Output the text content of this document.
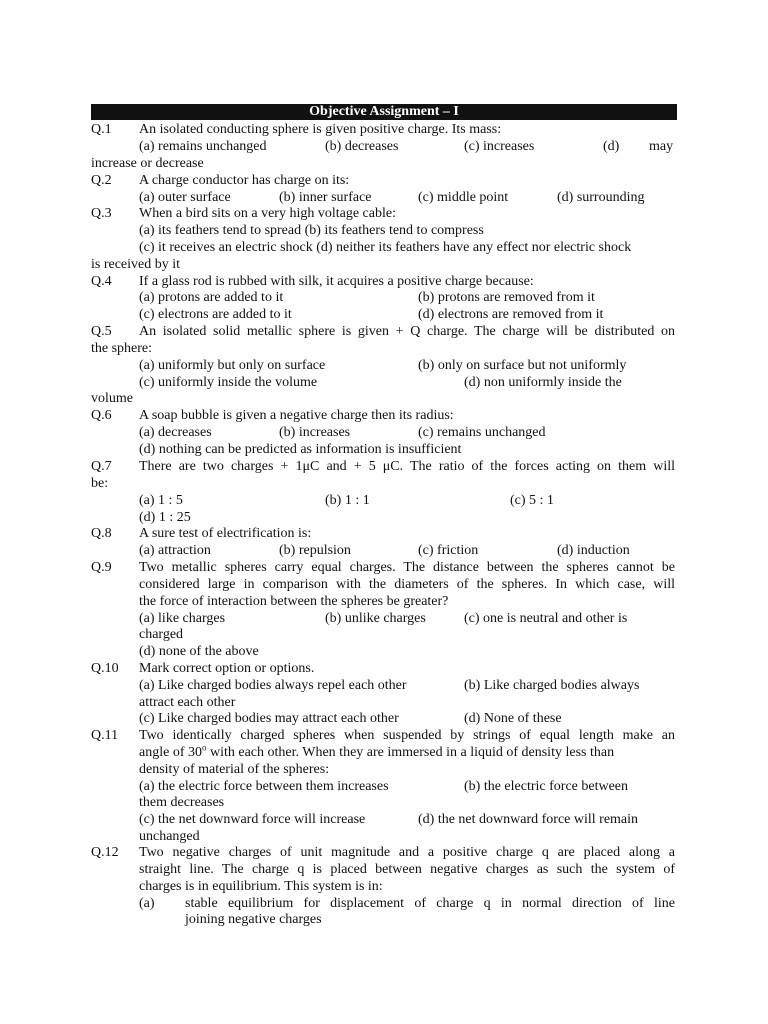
Objective Assignment – I
Q.1 An isolated conducting sphere is given positive charge. Its mass:
(a) remains unchanged	(b) decreases	(c) increases	(d) may
increase or decrease
Q.2 A charge conductor has charge on its:
(a) outer surface	(b) inner surface	(c) middle point	(d) surrounding
Q.3 When a bird sits on a very high voltage cable:
(a) its feathers tend to spread (b) its feathers tend to compress
(c) it receives an electric shock (d) neither its feathers have any effect nor electric shock
is received by it
Q.4 If a glass rod is rubbed with silk, it acquires a positive charge because:
(a) protons are added to it	(b) protons are removed from it
(c) electrons are added to it	(d) electrons are removed from it
Q.5 An isolated solid metallic sphere is given + Q charge. The charge will be distributed on
the sphere:
(a) uniformly but only on surface	(b) only on surface but not uniformly
(c) uniformly inside the volume	(d) non uniformly inside the
volume
Q.6 A soap bubble is given a negative charge then its radius:
(a) decreases	(b) increases	(c) remains unchanged
(d) nothing can be predicted as information is insufficient
Q.7 There are two charges + 1μC and + 5 μC. The ratio of the forces acting on them will
be:
(a) 1 : 5	(b) 1 : 1	(c) 5 : 1
(d) 1 : 25
Q.8 A sure test of electrification is:
(a) attraction	(b) repulsion	(c) friction	(d) induction
Q.9 Two metallic spheres carry equal charges. The distance between the spheres cannot be
considered large in comparison with the diameters of the spheres. In which case, will
the force of interaction between the spheres be greater?
(a) like charges	(b) unlike charges	(c) one is neutral and other is
charged
(d) none of the above
Q.10 Mark correct option or options.
(a) Like charged bodies always repel each other	(b) Like charged bodies always
attract each other
(c) Like charged bodies may attract each other	(d) None of these
Q.11 Two identically charged spheres when suspended by strings of equal length make an
angle of 30$^o$ with each other. When they are immersed in a liquid of density less than
density of material of the spheres:
(a) the electric force between them increases	(b) the electric force between
them decreases
(c) the net downward force will increase	(d) the net downward force will remain
unchanged
Q.12 Two negative charges of unit magnitude and a positive charge q are placed along a
straight line. The charge q is placed between negative charges as such the system of
charges is in equilibrium. This system is in:
(a) stable equilibrium for displacement of charge q in normal direction of line
joining negative charges
